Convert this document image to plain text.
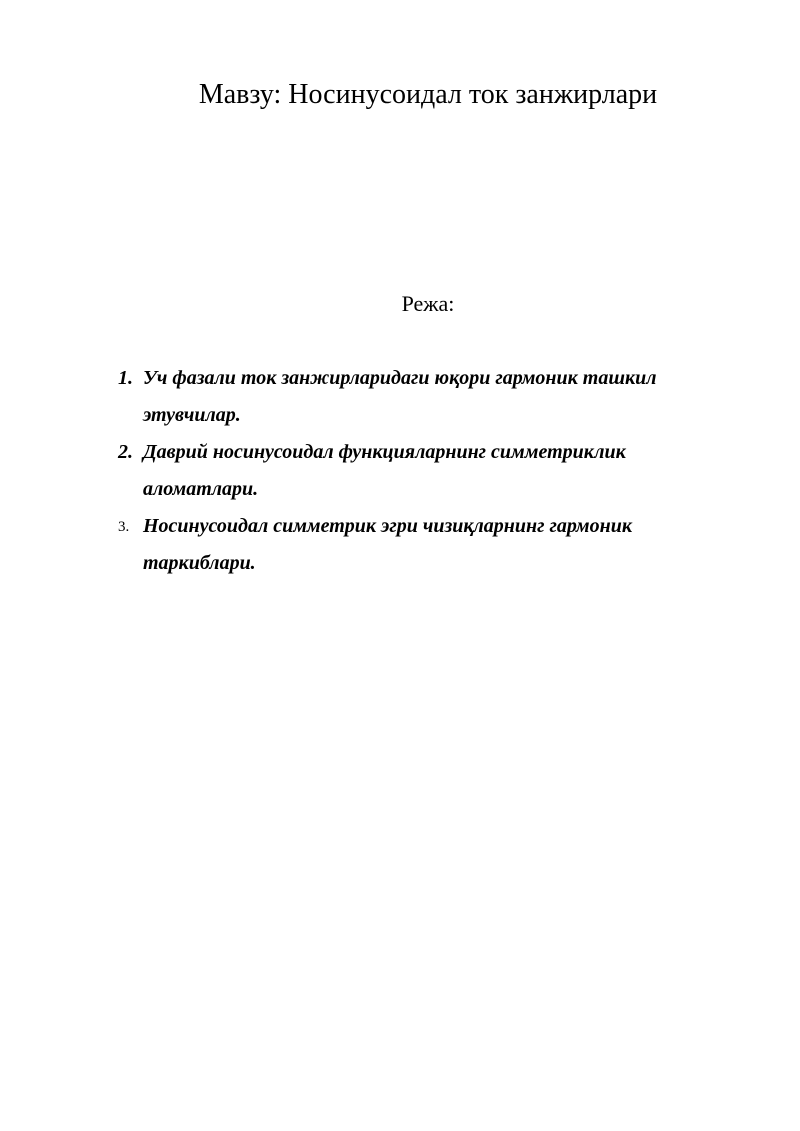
Мавзу: Носинусоидал ток занжирлари
Режа:
1. Уч фазали ток занжирларидаги юқори гармоник ташкил этувчилар.
2. Даврий носинусоидал функцияларнинг симметриклик аломатлари.
3. Носинусоидал симметрик эгри чизиқларнинг гармоник таркиблари.
